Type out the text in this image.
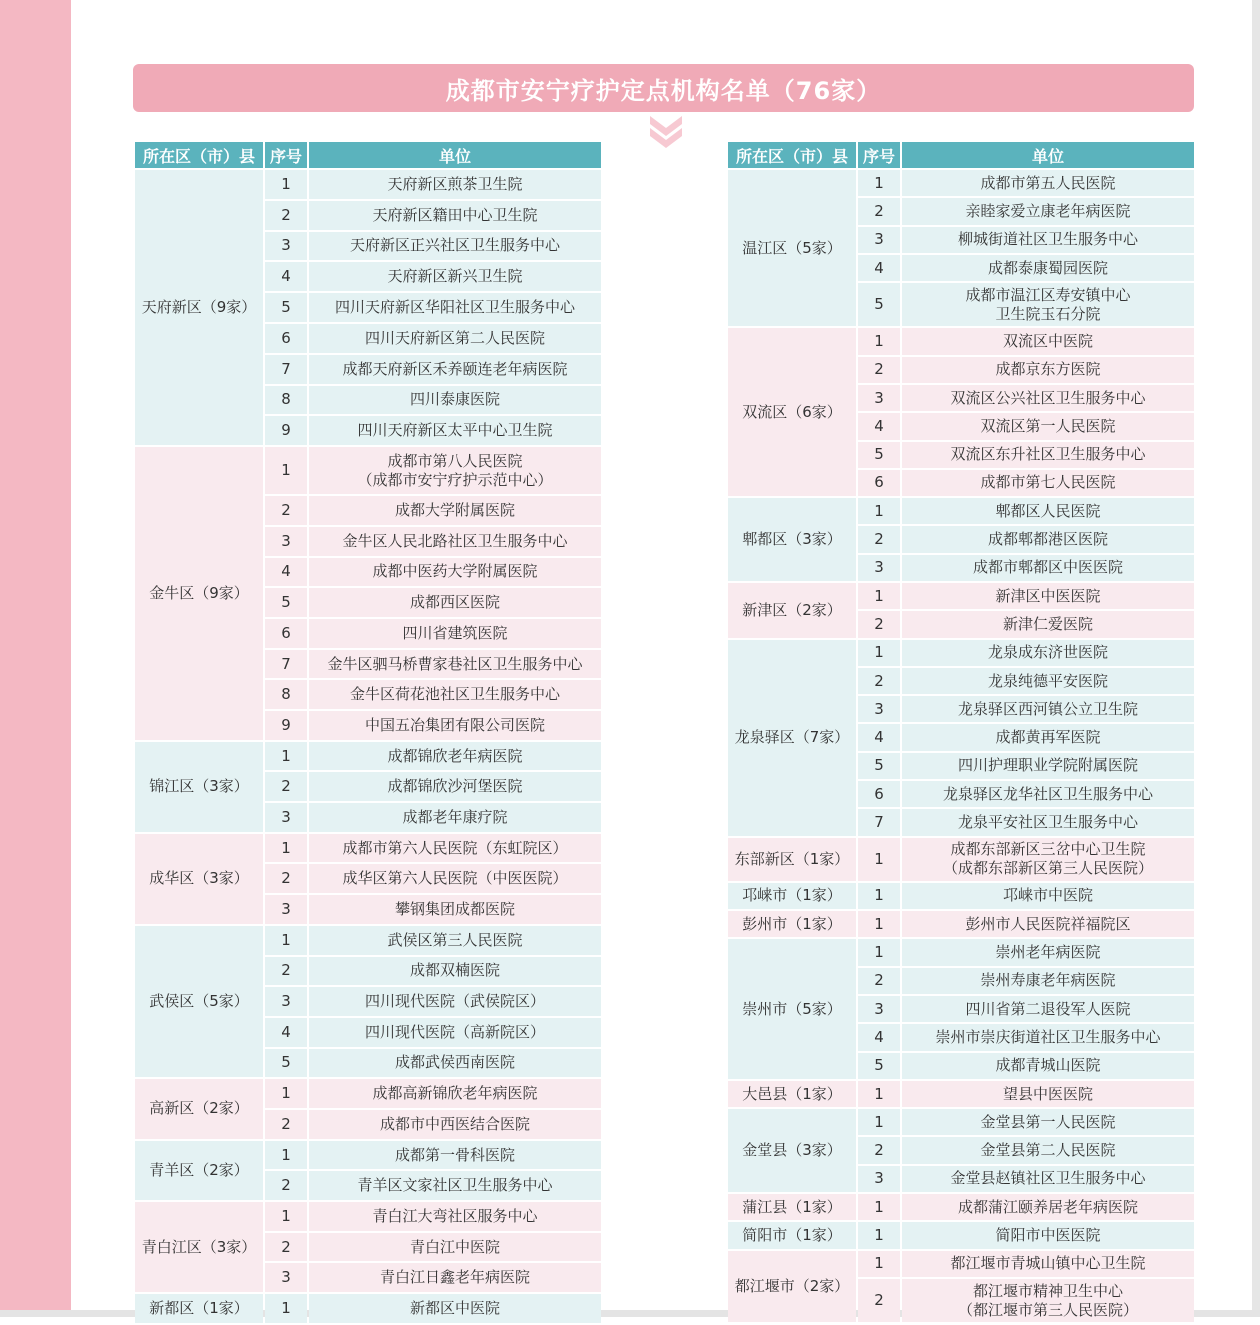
成都市安宁疗护定点机构名单（76家）
所在区（市）县	序号	单位
天府新区（9家）	1	天府新区煎茶卫生院
	2	天府新区籍田中心卫生院
	3	天府新区正兴社区卫生服务中心
	4	天府新区新兴卫生院
	5	四川天府新区华阳社区卫生服务中心
	6	四川天府新区第二人民医院
	7	成都天府新区禾养颐连老年病医院
	8	四川泰康医院
	9	四川天府新区太平中心卫生院
金牛区（9家）	1	成都市第八人民医院
（成都市安宁疗护示范中心）
	2	成都大学附属医院
	3	金牛区人民北路社区卫生服务中心
	4	成都中医药大学附属医院
	5	成都西区医院
	6	四川省建筑医院
	7	金牛区驷马桥曹家巷社区卫生服务中心
	8	金牛区荷花池社区卫生服务中心
	9	中国五冶集团有限公司医院
锦江区（3家）	1	成都锦欣老年病医院
	2	成都锦欣沙河堡医院
	3	成都老年康疗院
成华区（3家）	1	成都市第六人民医院（东虹院区）
	2	成华区第六人民医院（中医医院）
	3	攀钢集团成都医院
武侯区（5家）	1	武侯区第三人民医院
	2	成都双楠医院
	3	四川现代医院（武侯院区）
	4	四川现代医院（高新院区）
	5	成都武侯西南医院
高新区（2家）	1	成都高新锦欣老年病医院
	2	成都市中西医结合医院
青羊区（2家）	1	成都第一骨科医院
	2	青羊区文家社区卫生服务中心
青白江区（3家）	1	青白江大弯社区服务中心
	2	青白江中医院
	3	青白江日鑫老年病医院
新都区（1家）	1	新都区中医院
所在区（市）县	序号	单位
温江区（5家）	1	成都市第五人民医院
	2	亲睦家爱立康老年病医院
	3	柳城街道社区卫生服务中心
	4	成都泰康蜀园医院
	5	成都市温江区寿安镇中心
卫生院玉石分院
双流区（6家）	1	双流区中医院
	2	成都京东方医院
	3	双流区公兴社区卫生服务中心
	4	双流区第一人民医院
	5	双流区东升社区卫生服务中心
	6	成都市第七人民医院
郫都区（3家）	1	郫都区人民医院
	2	成都郫都港区医院
	3	成都市郫都区中医医院
新津区（2家）	1	新津区中医医院
	2	新津仁爱医院
龙泉驿区（7家）	1	龙泉成东济世医院
	2	龙泉纯德平安医院
	3	龙泉驿区西河镇公立卫生院
	4	成都黄再军医院
	5	四川护理职业学院附属医院
	6	龙泉驿区龙华社区卫生服务中心
	7	龙泉平安社区卫生服务中心
东部新区（1家）	1	成都东部新区三岔中心卫生院
（成都东部新区第三人民医院）
邛崃市（1家）	1	邛崃市中医院
彭州市（1家）	1	彭州市人民医院祥福院区
崇州市（5家）	1	崇州老年病医院
	2	崇州寿康老年病医院
	3	四川省第二退役军人医院
	4	崇州市崇庆街道社区卫生服务中心
	5	成都青城山医院
大邑县（1家）	1	望县中医医院
金堂县（3家）	1	金堂县第一人民医院
	2	金堂县第二人民医院
	3	金堂县赵镇社区卫生服务中心
蒲江县（1家）	1	成都蒲江颐养居老年病医院
简阳市（1家）	1	简阳市中医医院
都江堰市（2家）	1	都江堰市青城山镇中心卫生院
	2	都江堰市精神卫生中心
（都江堰市第三人民医院）
